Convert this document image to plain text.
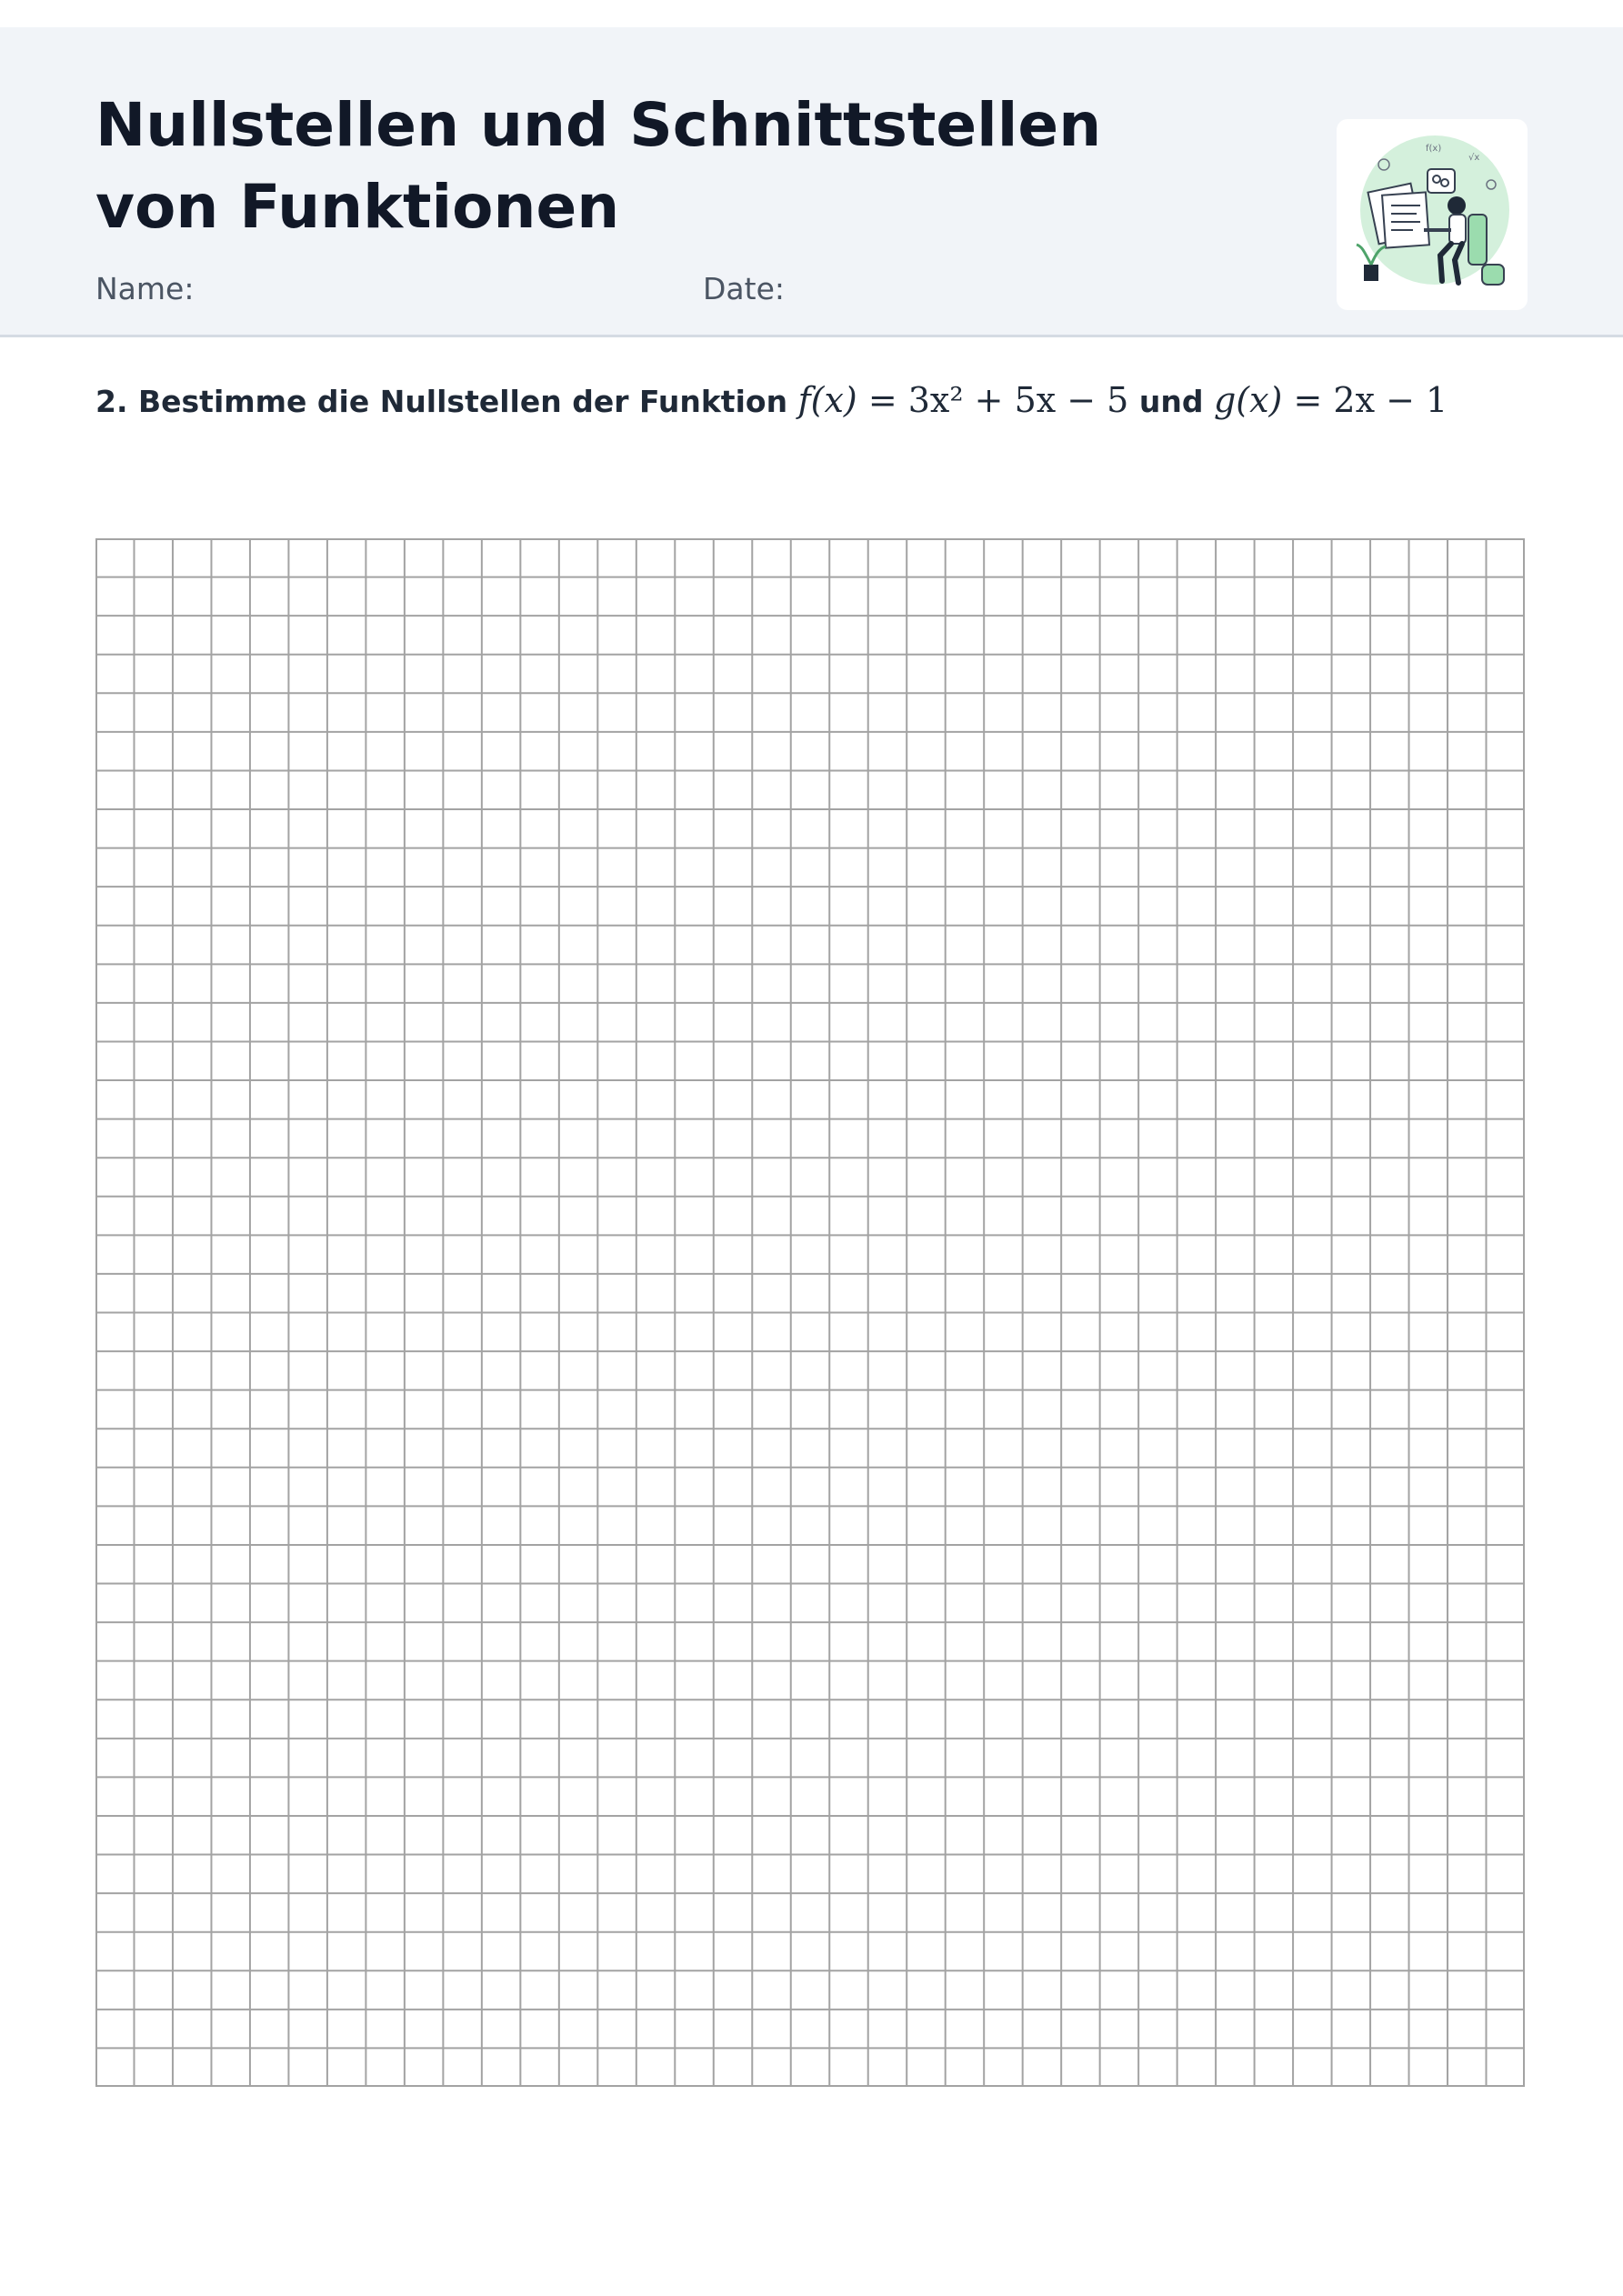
Nullstellen und Schnittstellen von Funktionen
Name:	Date:
f(x)
√x
2. Bestimme die Nullstellen der Funktion f(x) = 3x² + 5x − 5 und g(x) = 2x − 1
